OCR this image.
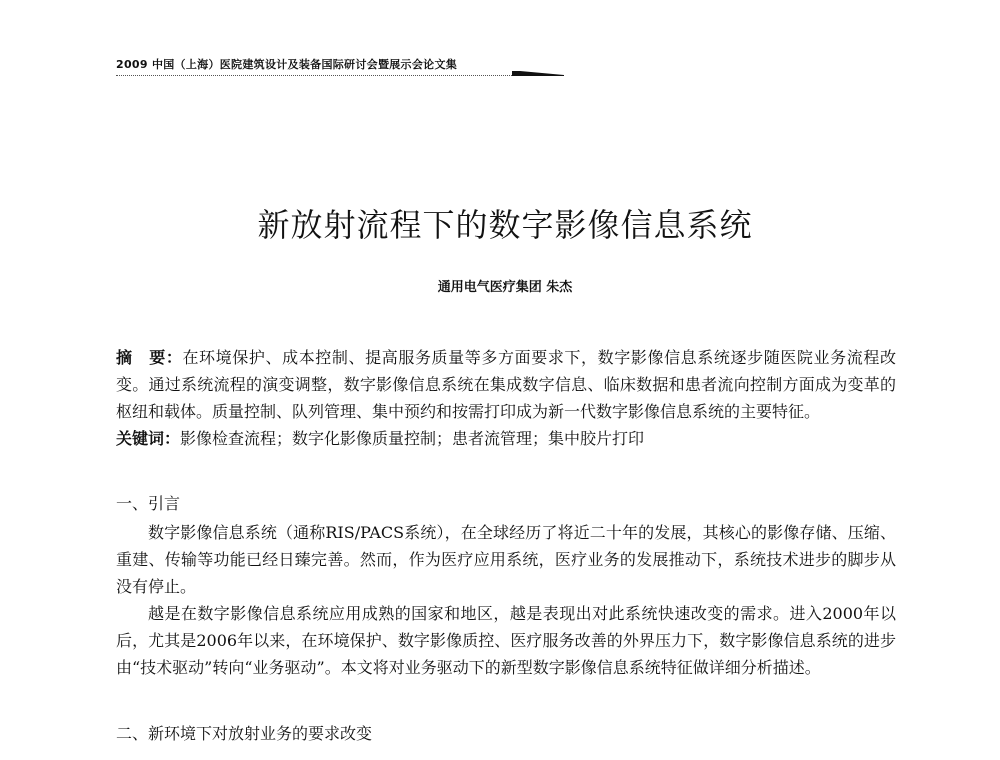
2009 中国（上海）医院建筑设计及装备国际研讨会暨展示会论文集
新放射流程下的数字影像信息系统

通用电气医疗集团 朱杰

摘　要：在环境保护、成本控制、提高服务质量等多方面要求下，数字影像信息系统逐步随医院业务流程改变。通过系统流程的演变调整，数字影像信息系统在集成数字信息、临床数据和患者流向控制方面成为变革的枢纽和载体。质量控制、队列管理、集中预约和按需打印成为新一代数字影像信息系统的主要特征。

关键词：影像检查流程；数字化影像质量控制；患者流管理；集中胶片打印

一、引言

数字影像信息系统（通称RIS/PACS系统），在全球经历了将近二十年的发展，其核心的影像存储、压缩、重建、传输等功能已经日臻完善。然而，作为医疗应用系统，医疗业务的发展推动下，系统技术进步的脚步从没有停止。

越是在数字影像信息系统应用成熟的国家和地区，越是表现出对此系统快速改变的需求。进入2000年以后，尤其是2006年以来，在环境保护、数字影像质控、医疗服务改善的外界压力下，数字影像信息系统的进步由“技术驱动”转向“业务驱动”。本文将对业务驱动下的新型数字影像信息系统特征做详细分析描述。

二、新环境下对放射业务的要求改变
